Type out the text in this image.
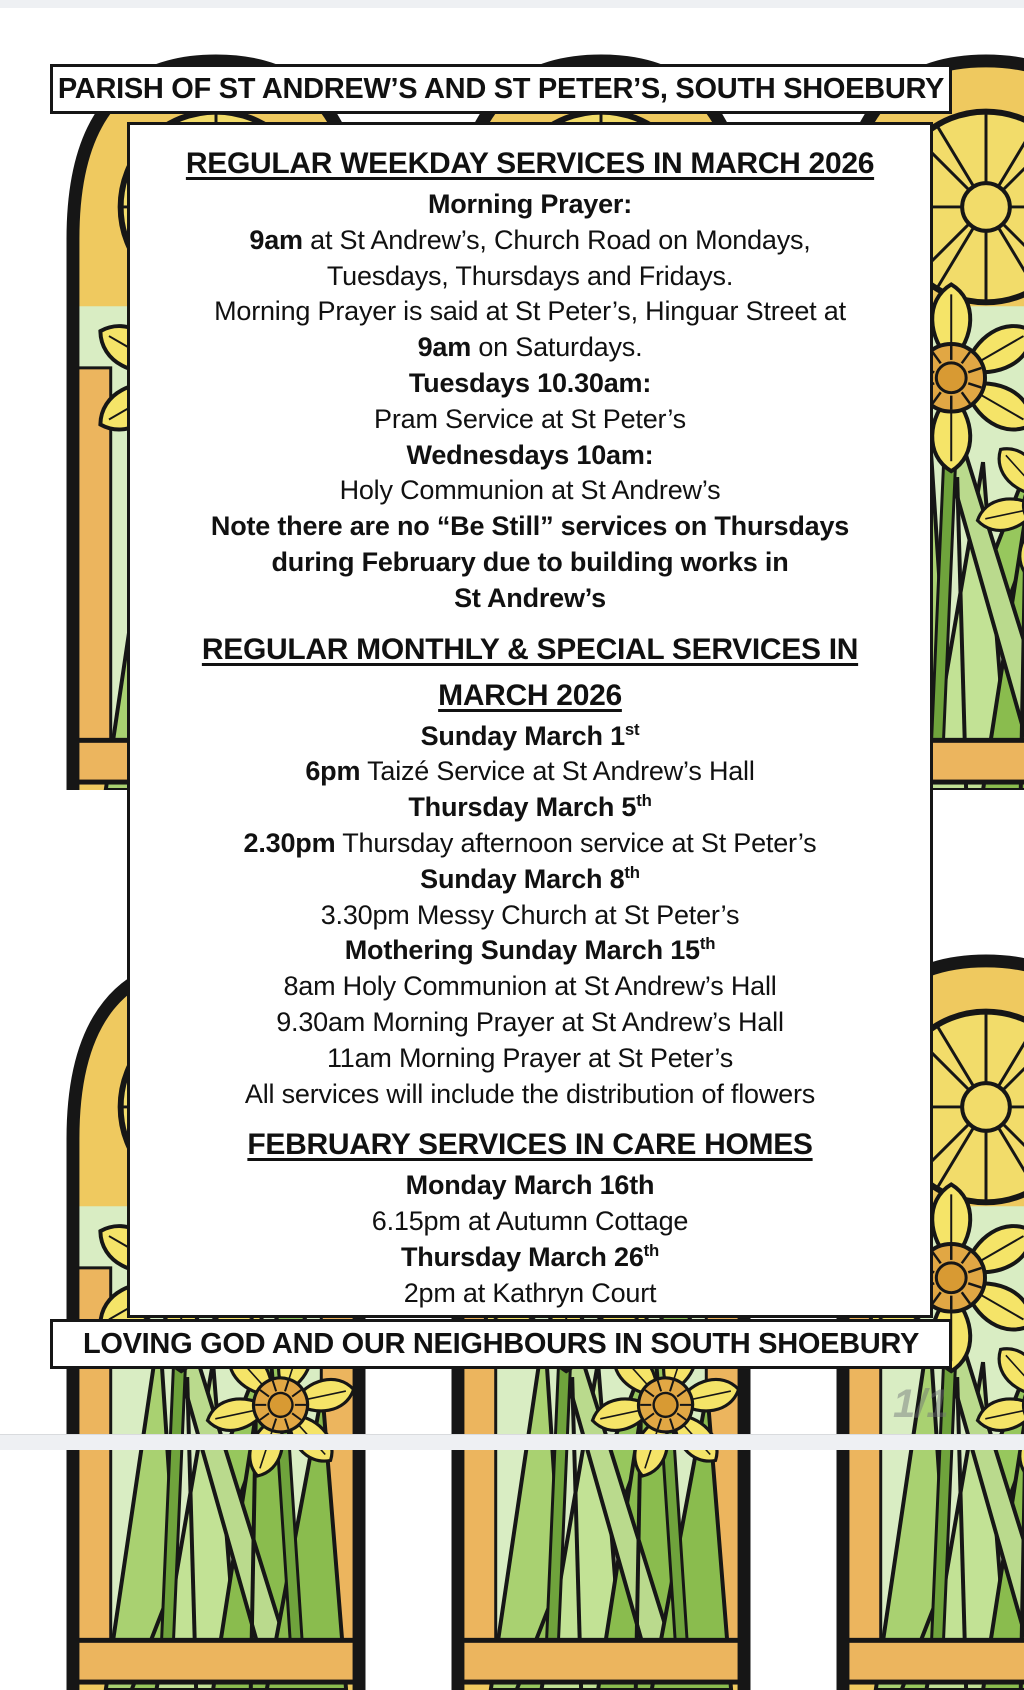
PARISH OF ST ANDREW’S AND ST PETER’S, SOUTH SHOEBURY
REGULAR WEEKDAY SERVICES IN MARCH 2026
Morning Prayer:
9am at St Andrew’s, Church Road on Mondays,
Tuesdays, Thursdays and Fridays.
Morning Prayer is said at St Peter’s, Hinguar Street at
9am on Saturdays.
Tuesdays 10.30am:
Pram Service at St Peter’s
Wednesdays 10am:
Holy Communion at St Andrew’s
Note there are no “Be Still” services on Thursdays
during February due to building works in
St Andrew’s
REGULAR MONTHLY & SPECIAL SERVICES IN
MARCH 2026
Sunday March 1st
6pm Taizé Service at St Andrew’s Hall
Thursday March 5th
2.30pm Thursday afternoon service at St Peter’s
Sunday March 8th
3.30pm Messy Church at St Peter’s
Mothering Sunday March 15th
8am Holy Communion at St Andrew’s Hall
9.30am Morning Prayer at St Andrew’s Hall
11am Morning Prayer at St Peter’s
All services will include the distribution of flowers
FEBRUARY SERVICES IN CARE HOMES
Monday March 16th
6.15pm at Autumn Cottage
Thursday March 26th
2pm at Kathryn Court
LOVING GOD AND OUR NEIGHBOURS IN SOUTH SHOEBURY
1/1
